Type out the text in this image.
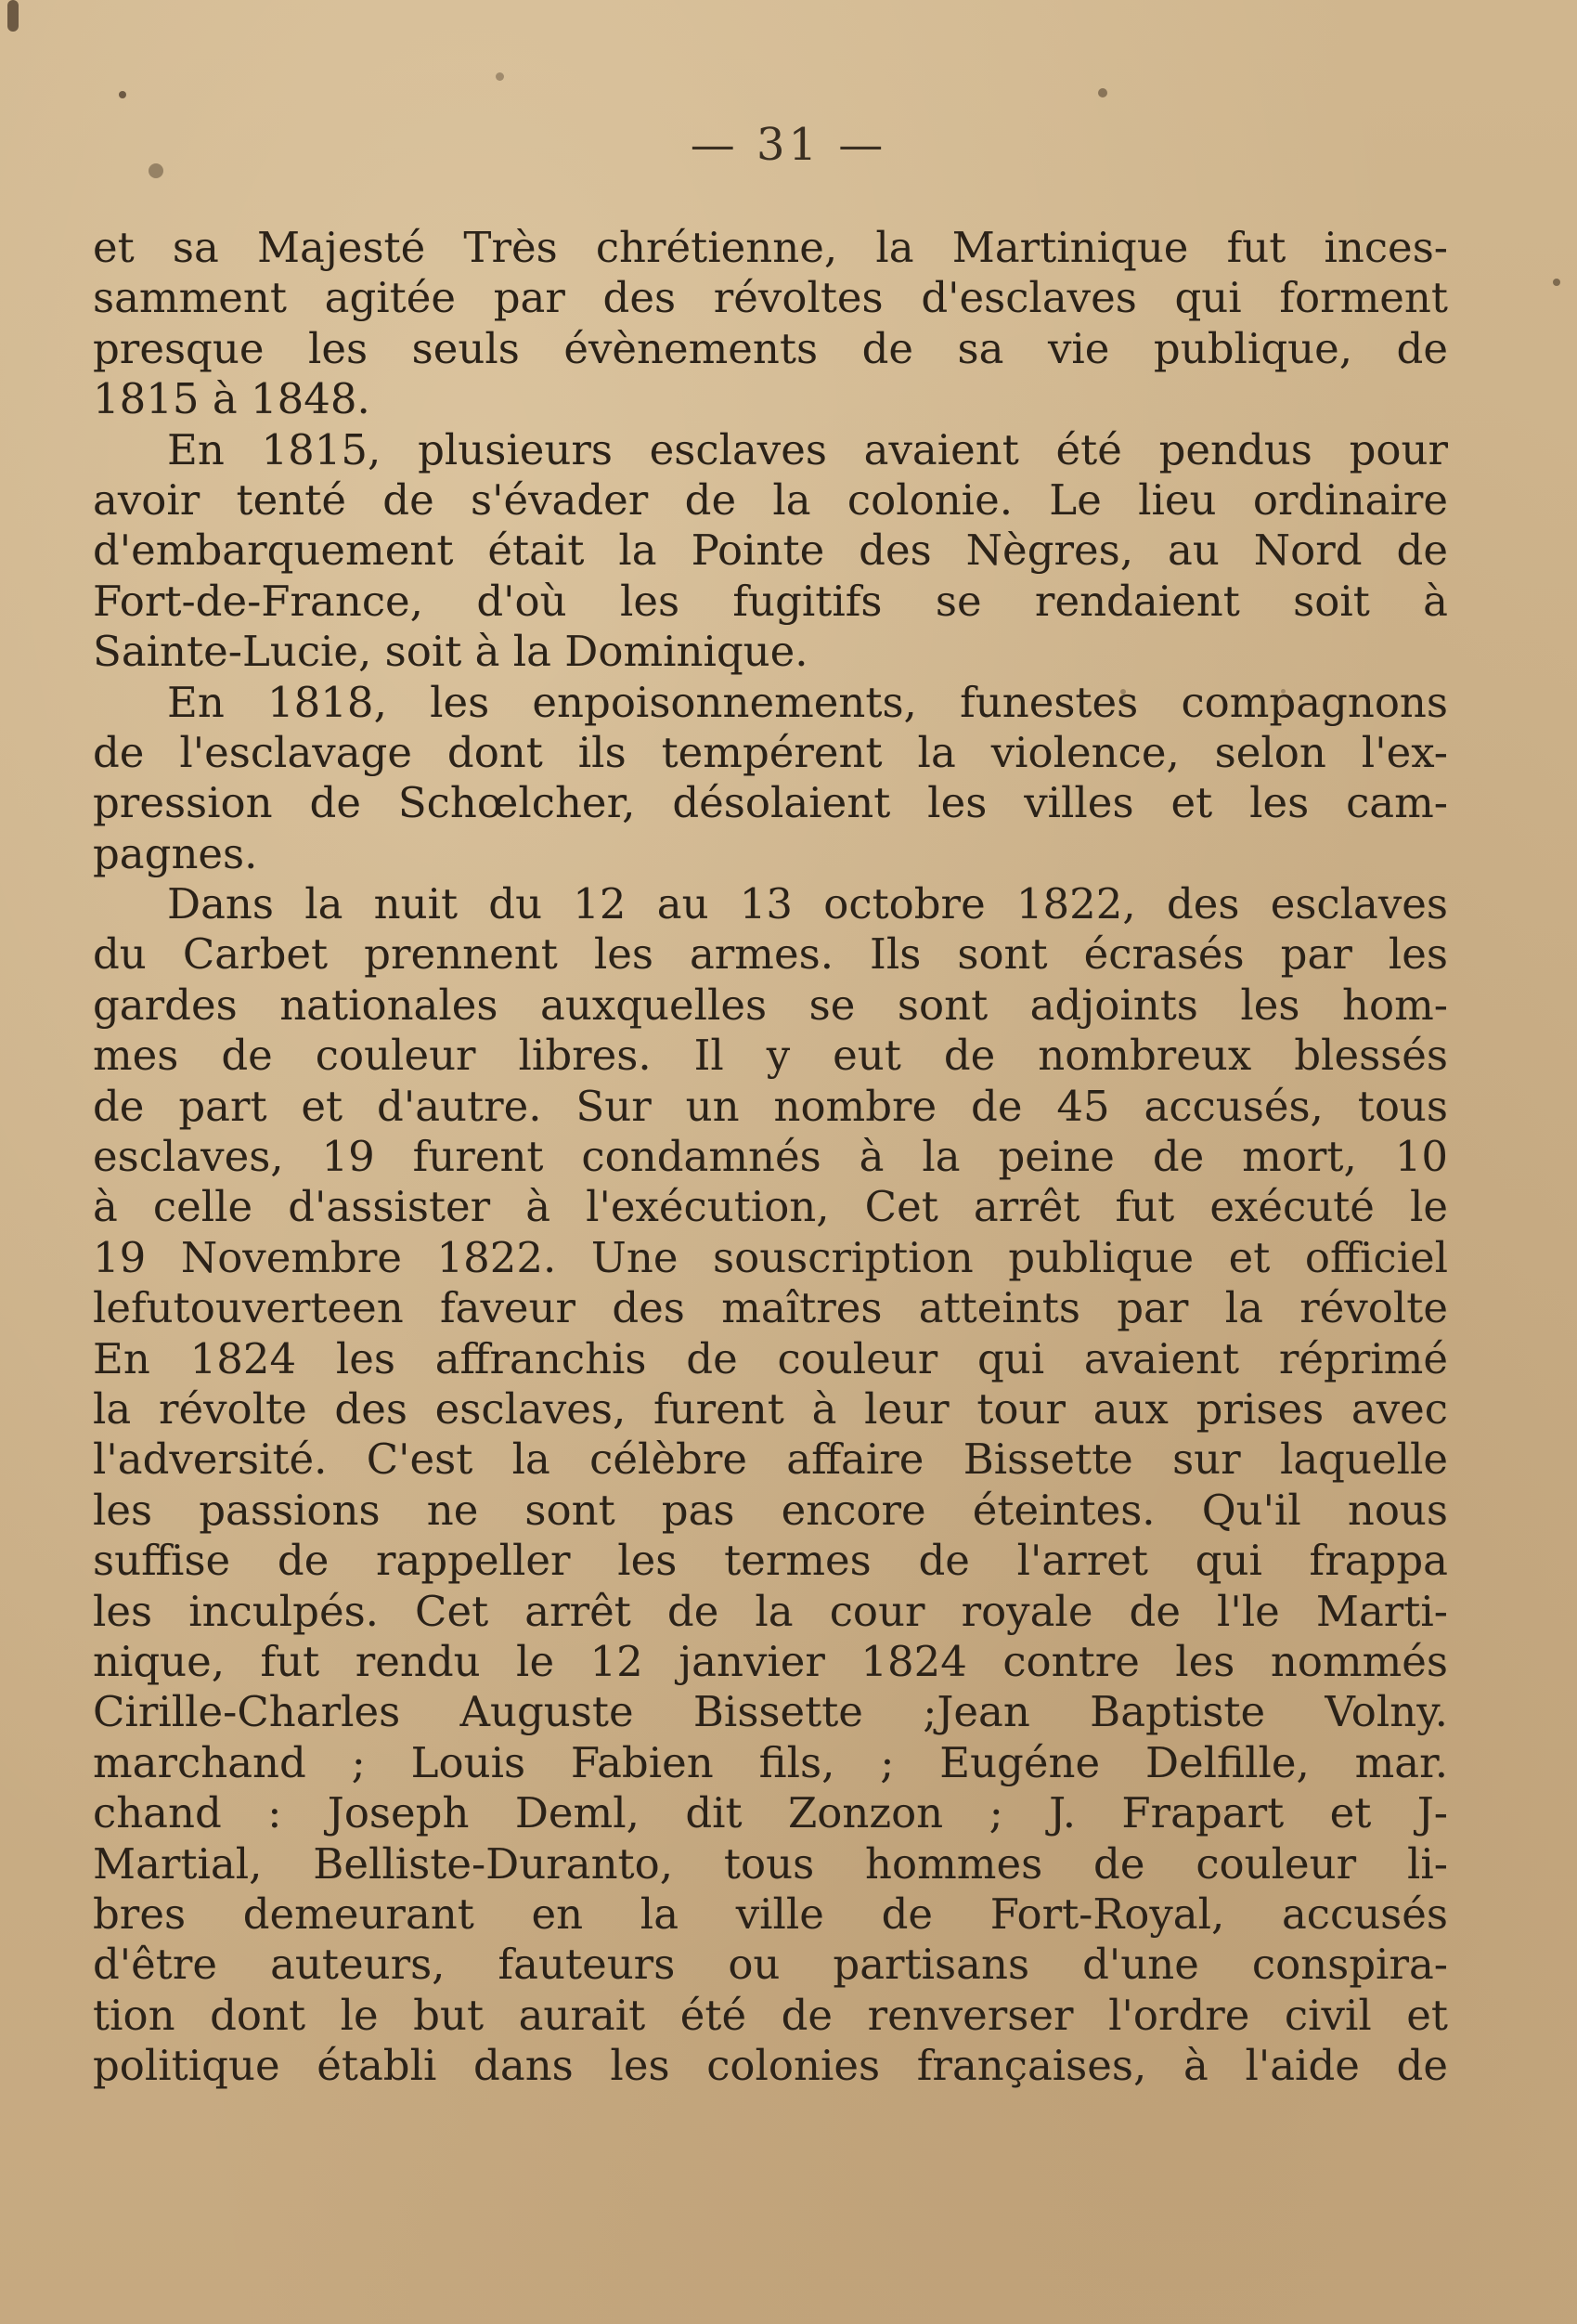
— 31 —
et sa Majesté Très chrétienne, la Martinique fut inces-
samment agitée par des révoltes d'esclaves qui forment
presque les seuls évènements de sa vie publique, de
1815 à 1848.
En 1815, plusieurs esclaves avaient été pendus pour
avoir tenté de s'évader de la colonie. Le lieu ordinaire
d'embarquement était la Pointe des Nègres, au Nord de
Fort-de-France, d'où les fugitifs se rendaient soit à
Sainte-Lucie, soit à la Dominique.
En 1818, les enpoisonnements, funestes compagnons
de l'esclavage dont ils tempérent la violence, selon l'ex-
pression de Schœlcher, désolaient les villes et les cam-
pagnes.
Dans la nuit du 12 au 13 octobre 1822, des esclaves
du Carbet prennent les armes. Ils sont écrasés par les
gardes nationales auxquelles se sont adjoints les hom-
mes de couleur libres. Il y eut de nombreux blessés
de part et d'autre. Sur un nombre de 45 accusés, tous
esclaves, 19 furent condamnés à la peine de mort, 10
à celle d'assister à l'exécution, Cet arrêt fut exécuté le
19 Novembre 1822. Une souscription publique et officiel
lefutouverteen faveur des maîtres atteints par la révolte
En 1824 les affranchis de couleur qui avaient réprimé
la révolte des esclaves, furent à leur tour aux prises avec
l'adversité. C'est la célèbre affaire Bissette sur laquelle
les passions ne sont pas encore éteintes. Qu'il nous
suffise de rappeller les termes de l'arret qui frappa
les inculpés. Cet arrêt de la cour royale de l'le Marti-
nique, fut rendu le 12 janvier 1824 contre les nommés
Cirille-Charles Auguste Bissette ;Jean Baptiste Volny.
marchand ; Louis Fabien fils, ; Eugéne Delfille, mar.
chand : Joseph Deml, dit Zonzon ; J. Frapart et J-
Martial, Belliste-Duranto, tous hommes de couleur li-
bres demeurant en la ville de Fort-Royal, accusés
d'être auteurs, fauteurs ou partisans d'une conspira-
tion dont le but aurait été de renverser l'ordre civil et
politique établi dans les colonies françaises, à l'aide de
